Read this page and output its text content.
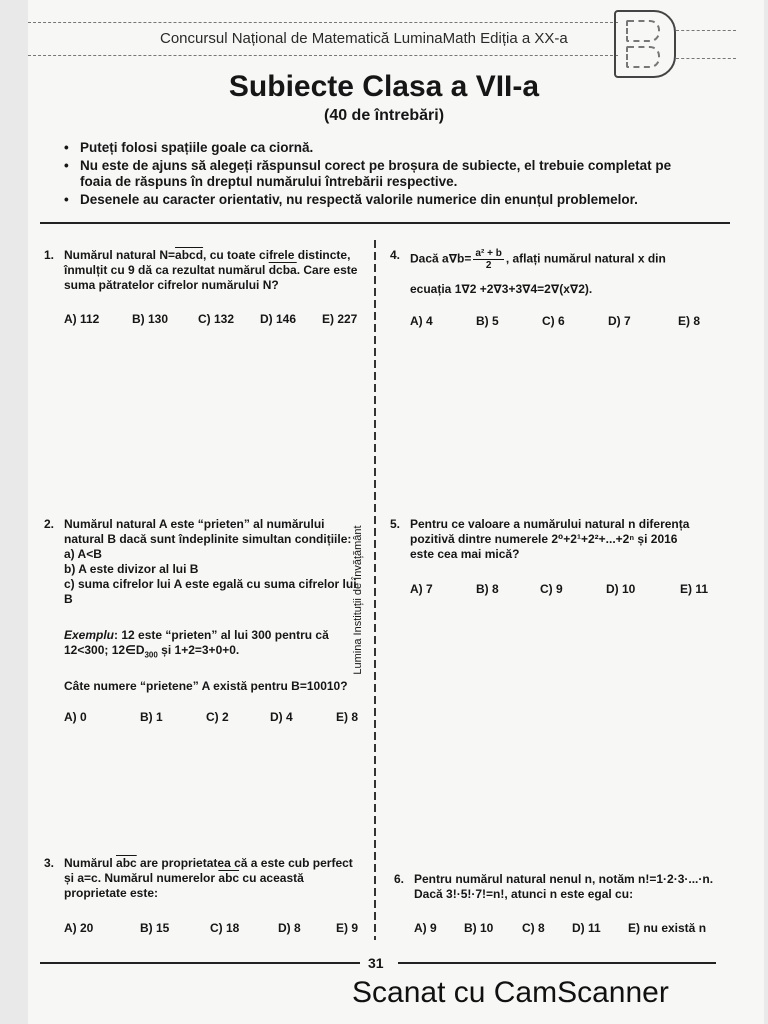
Concursul Național de Matematică LuminaMath Ediția a XX-a
Subiecte Clasa a VII-a
(40 de întrebări)
• Puteți folosi spațiile goale ca ciornă.
• Nu este de ajuns să alegeți răspunsul corect pe broșura de subiecte, el trebuie completat pe foaia de răspuns în dreptul numărului întrebării respective.
• Desenele au caracter orientativ, nu respectă valorile numerice din enunțul problemelor.
Lumina Instituții de Învățământ
1. Numărul natural N=abcd, cu toate cifrele distincte, înmulțit cu 9 dă ca rezultat numărul dcba. Care este suma pătratelor cifrelor numărului N?
A) 112	B) 130 C) 132 D) 146 E) 227
4. Dacă $a\nabla b= \frac{\text{a² + b}}{2}$ , aflați numărul natural x din
ecuația 1∇2 +2∇3+3∇4=2∇(x∇2).
A) 4	B) 5	C) 6	D) 7	E) 8
2. Numărul natural A este “prieten” al numărului natural B dacă sunt îndeplinite simultan condițiile:
a) A<B
b) A este divizor al lui B
c) suma cifrelor lui A este egală cu suma cifrelor lui B
Exemplu: 12 este “prieten” al lui 300 pentru că 12<300; $12\in D_{300}$ și 1+2=3+0+0.
Câte numere “prietene” A există pentru B=10010?
A) 0	B) 1	C) 2	D) 4	E) 8
5. Pentru ce valoare a numărului natural n diferența
pozitivă dintre numerele 2⁰+2¹+2²+...+2ⁿ și 2016
este cea mai mică?
A) 7	B) 8	C) 9	D) 10	E) 11
3. Numărul $\overline{abc}$ are proprietatea că a este cub perfect și a=c. Numărul numerelor $\overline{abc}$ cu această proprietate este:
A) 20	B) 15	C) 18	D) 8	E) 9
6. Pentru numărul natural nenul n, notăm n!=1·2·3·...·n.
Dacă 3!·5!·7!=n!, atunci n este egal cu:
A) 9 B) 10 C) 8 D) 11 E) nu există n
31
Scanat cu CamScanner
